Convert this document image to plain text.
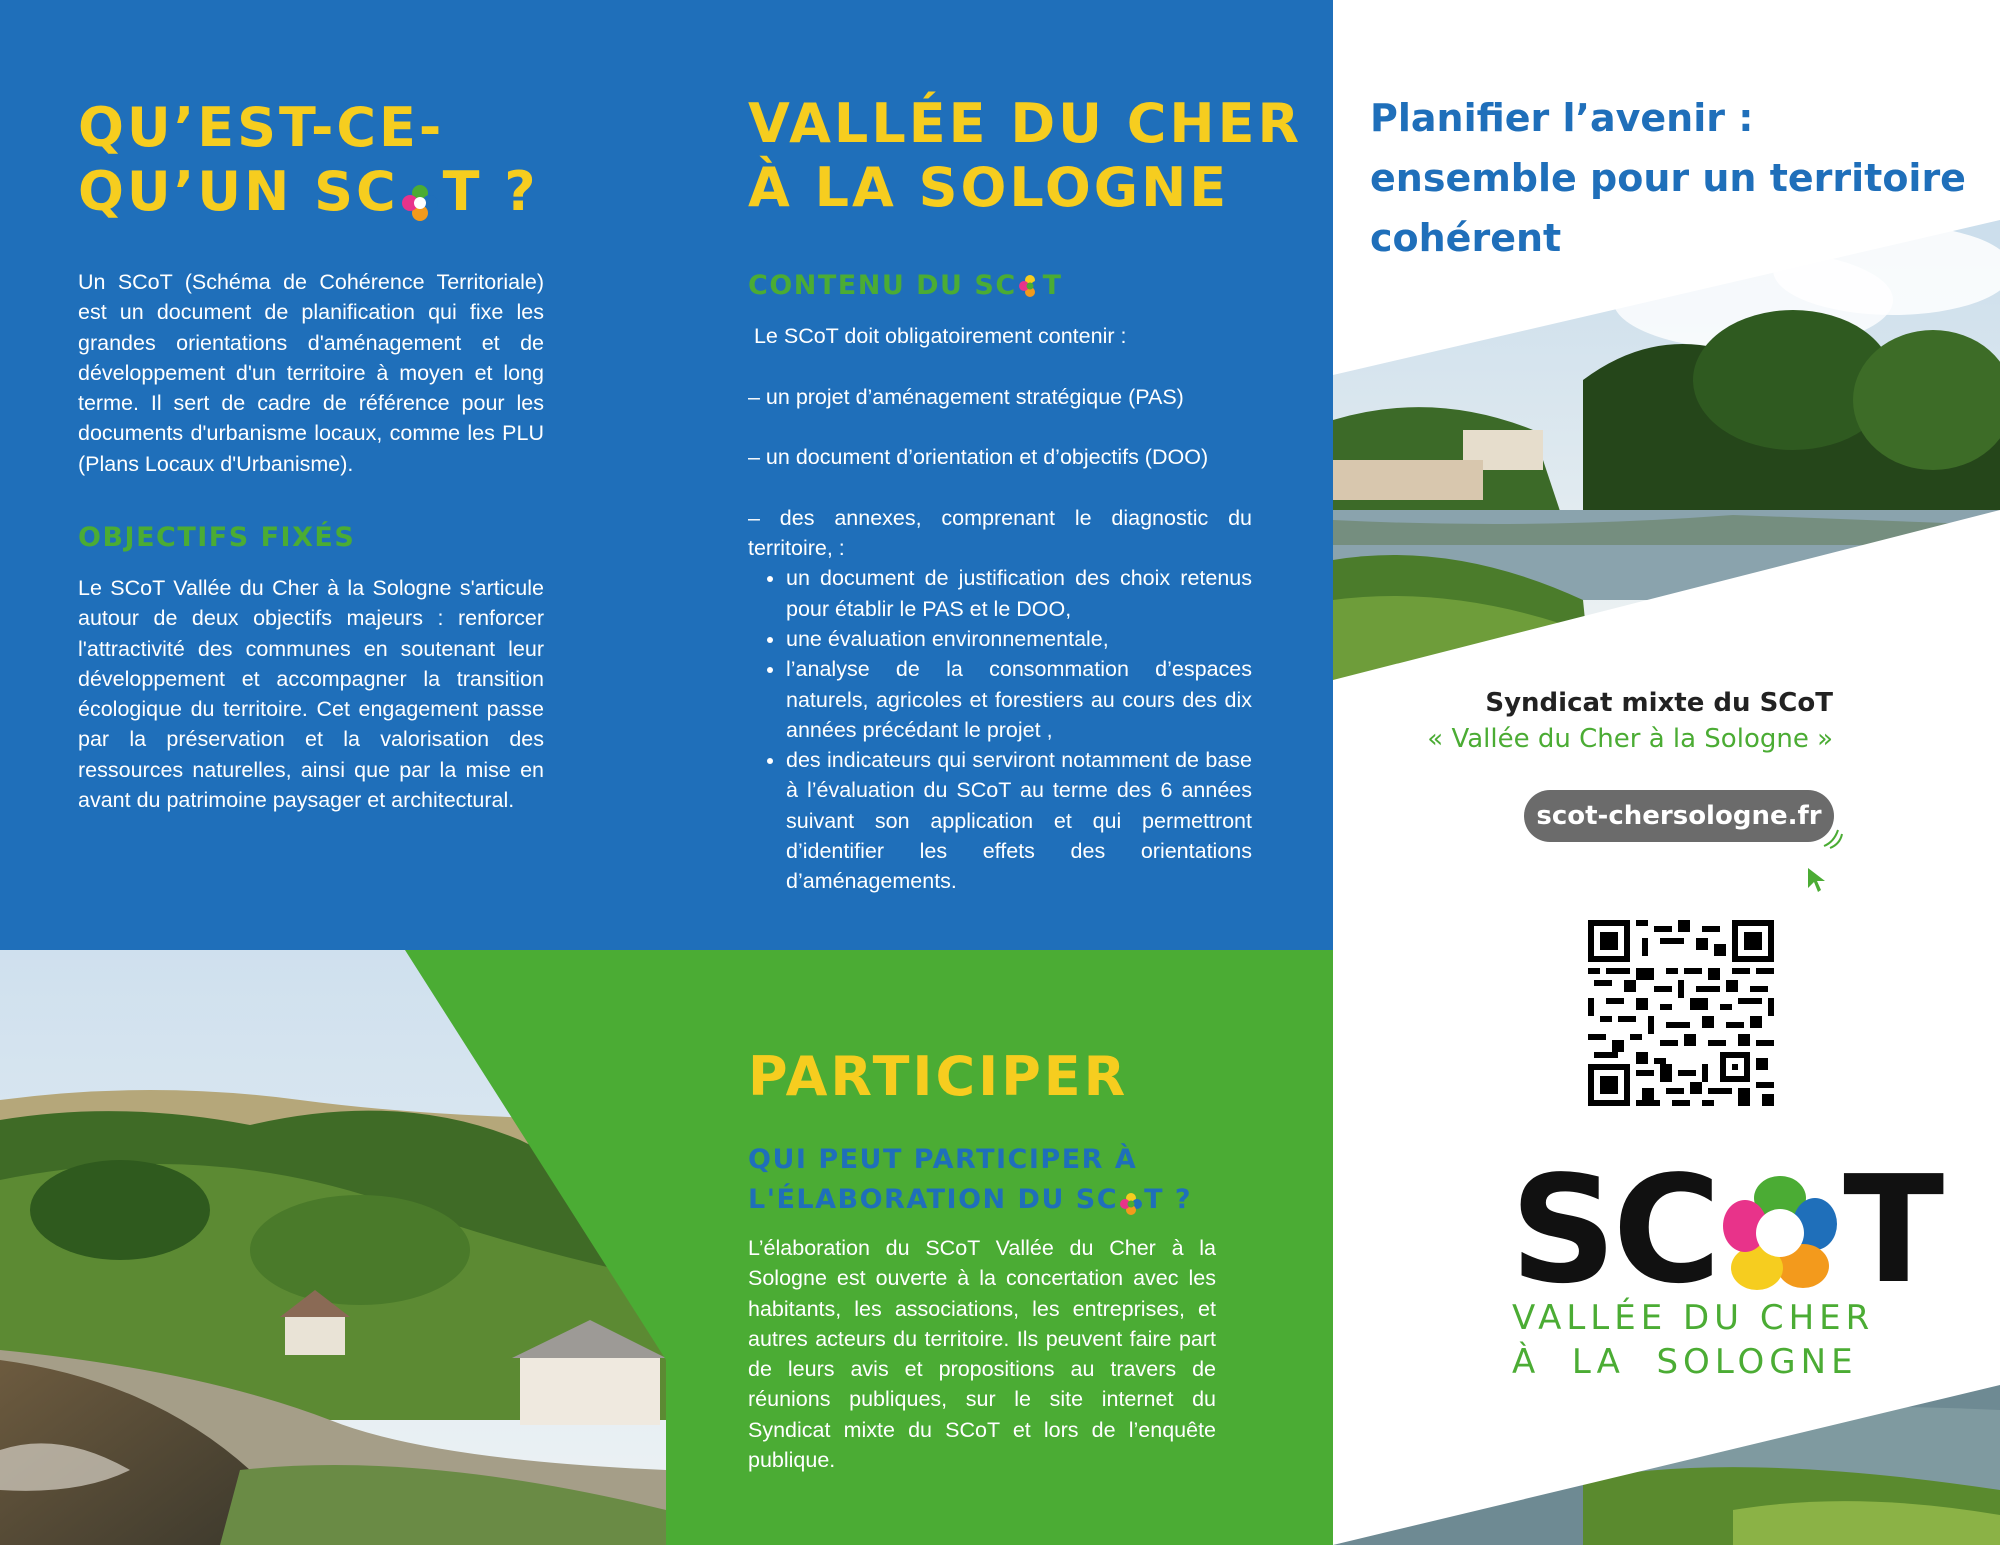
QU’EST-CE-
QU’UN SC T ?
Un SCoT (Schéma de Cohérence Territoriale) est un document de planification qui fixe les grandes orientations d'aménagement et de développement d'un territoire à moyen et long terme. Il sert de cadre de référence pour les documents d'urbanisme locaux, comme les PLU (Plans Locaux d'Urbanisme).
OBJECTIFS FIXÉS
Le SCoT Vallée du Cher à la Sologne s'articule autour de deux objectifs majeurs : renforcer l'attractivité des communes en soutenant leur développement et accompagner la transition écologique du territoire. Cet engagement passe par la préservation et la valorisation des ressources naturelles, ainsi que par la mise en avant du patrimoine paysager et architectural.
VALLÉE DU CHER
À LA SOLOGNE
CONTENU DU SC T

Le SCoT doit obligatoirement contenir :

– un projet d’aménagement stratégique (PAS)

– un document d’orientation et d’objectifs (DOO)

– des annexes, comprenant le diagnostic du territoire, :

• un document de justification des choix retenus pour établir le PAS et le DOO,
• une évaluation environnementale,
• l’analyse de la consommation d’espaces naturels, agricoles et forestiers au cours des dix années précédant le projet ,
• des indicateurs qui serviront notamment de base à l’évaluation du SCoT au terme des 6 années suivant son application et qui permettront d’identifier les effets des orientations d’aménagements.
PARTICIPER
QUI PEUT PARTICIPER À
L'ÉLABORATION DU SC T ?
L’élaboration du SCoT Vallée du Cher à la Sologne est ouverte à la concertation avec les habitants, les associations, les entreprises, et autres acteurs du territoire. Ils peuvent faire part de leurs avis et propositions au travers de réunions publiques, sur le site internet du Syndicat mixte du SCoT et lors de l’enquête publique.
Planifier l’avenir :
ensemble pour un territoire
cohérent
Syndicat mixte du SCoT
« Vallée du Cher à la Sologne »
scot-chersologne.fr
SC T
VALLÉE DU CHER
À  LA  SOLOGNE
